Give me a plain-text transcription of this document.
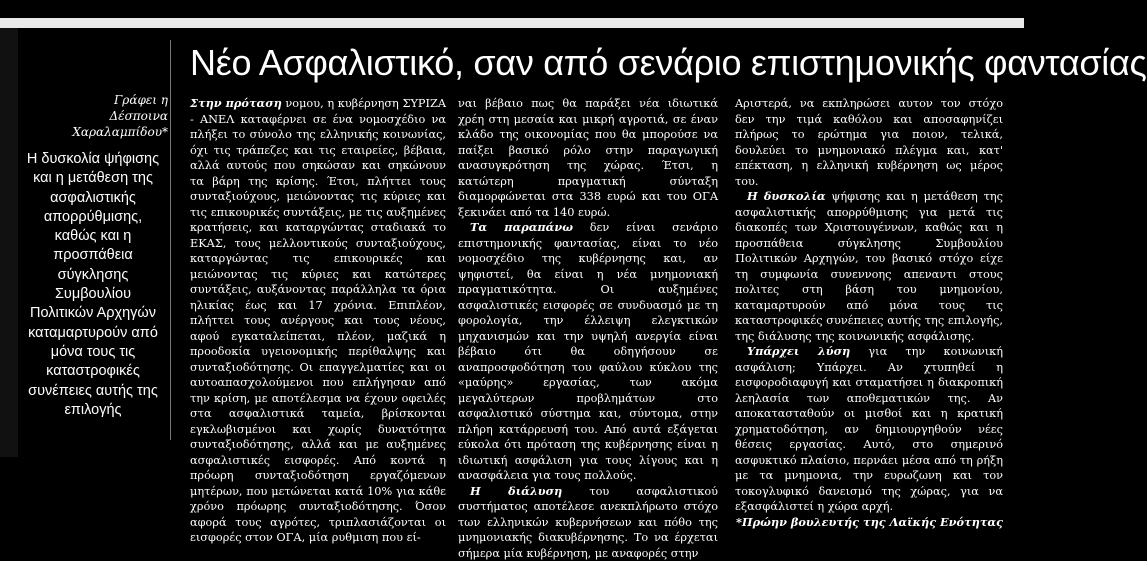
Νέο Ασφαλιστικό, σαν από σενάριο επιστημονικής φαντασίας
Γράφει η Δέσποινα Χαραλαμπίδου*
Η δυσκολία ψήφισης και η μετάθεση της ασφαλιστικής απορρύθμισης, καθώς και η προσπάθεια σύγκλησης Συμβουλίου Πολιτικών Αρχηγών καταμαρτυρούν από μόνα τους τις καταστροφικές συνέπειες αυτής της επιλογής

Στην πρόταση νομου, η κυβέρνηση ΣΥΡΙΖΑ - ΑΝΕΛ καταφέρνει σε ένα νομοσχέδιο να πλήξει το σύνολο της ελληνικής κοινωνίας, όχι τις τράπεζες και τις εταιρείες, βέβαια, αλλά αυτούς που σηκώσαν και σηκώνουν τα βάρη της κρίσης. Έτσι, πλήττει τους συνταξιούχους, μειώνοντας τις κύριες και τις επικουρικές συντάξεις, με τις αυξημένες κρατήσεις, και καταργώντας σταδιακά το ΕΚΑΣ, τους μελλοντικούς συνταξιούχους, καταργώντας τις επικουρικές και μειώνοντας τις κύριες και κατώτερες συντάξεις, αυξάνοντας παράλληλα τα όρια ηλικίας έως και 17 χρόνια. Επιπλέον, πλήττει τους ανέργους και τους νέους, αφού εγκαταλείπεται, πλέον, μαζικά η προοδοκία υγειονομικής περίθαλψης και συνταξιοδότησης. Οι επαγγελματίες και οι αυτοαπασχολούμενοι που επλήγησαν από την κρίση, με αποτέλεσμα να έχουν οφειλές στα ασφαλιστικά ταμεία, βρίσκονται εγκλωβισμένοι και χωρίς δυνατότητα συνταξιοδότησης, αλλά και με αυξημένες ασφαλιστικές εισφορές. Από κοντά η πρόωρη συνταξιοδότηση εργαζόμενων μητέρων, που μετώνεται κατά 10% για κάθε χρόνο πρόωρης συνταξιοδότησης. Όσον αφορά τους αγρότες, τριπλασιάζονται οι εισφορές στον ΟΓΑ, μία ρυθμιση που εί-

ναι βέβαιο πως θα παράξει νέα ιδιωτικά χρέη στη μεσαία και μικρή αγροτιά, σε έναν κλάδο της οικονομίας που θα μπορούσε να παίξει βασικό ρόλο στην παραγωγική ανασυγκρότηση της χώρας. Έτσι, η κατώτερη πραγματική σύνταξη διαμορφώνεται στα 338 ευρώ και του ΟΓΑ ξεκινάει από τα 140 ευρώ.

Τα παραπάνω δεν είναι σενάριο επιστημονικής φαντασίας, είναι το νέο νομοσχέδιο της κυβέρνησης και, αν ψηφιστεί, θα είναι η νέα μνημονιακή πραγματικότητα. Οι αυξημένες ασφαλιστικές εισφορές σε συνδυασμό με τη φορολογία, την έλλειψη ελεγκτικών μηχανισμών και την υψηλή ανεργία είναι βέβαιο ότι θα οδηγήσουν σε αναπροσφοδότηση του φαύλου κύκλου της «μαύρης» εργασίας, των ακόμα μεγαλύτερων προβλημάτων στο ασφαλιστικό σύστημα και, σύντομα, στην πλήρη κατάρρευσή του. Από αυτά εξάγεται εύκολα ότι πρόταση της κυβέρνησης είναι η ιδιωτική ασφάλιση για τους λίγους και η ανασφάλεια για τους πολλούς.

Η διάλυση του ασφαλιστικού συστήματος αποτέλεσε ανεκπλήρωτο στόχο των ελληνικών κυβερνήσεων και πόθο της μνημονιακής διακυβέρνησης. Το να έρχεται σήμερα μία κυβέρνηση, με αναφορές στην

Αριστερά, να εκπληρώσει αυτον τον στόχο δεν την τιμά καθόλου και αποσαφηνίζει πλήρως το ερώτημα για ποιον, τελικά, δουλεύει το μνημονιακό πλέγμα και, κατ' επέκταση, η ελληνική κυβέρνηση ως μέρος του.

Η δυσκολία ψήφισης και η μετάθεση της ασφαλιστικής απορρύθμισης για μετά τις διακοπές των Χριστουγέννων, καθώς και η προσπάθεια σύγκλησης Συμβουλίου Πολιτικών Αρχηγών, του βασικό στόχο είχε τη συμφωνία συνεννοης απεναντι στους πολιτες στη βάση του μνημονίου, καταμαρτυρούν από μόνα τους τις καταστροφικές συνέπειες αυτής της επιλογής, της διάλυσης της κοινωνικής ασφάλισης.

Υπάρχει λύση για την κοινωνική ασφάλιση; Υπάρχει. Αν χτυπηθεί η εισφοροδιαφυγή και σταματήσει η διακροπική λεηλασία των αποθεματικών της. Αν αποκατασταθούν οι μισθοί και η κρατική χρηματοδότηση, αν δημιουργηθούν νέες θέσεις εργασίας. Αυτό, στο σημερινό ασφυκτικό πλαίσιο, περνάει μέσα από τη ρήξη με τα μνημονια, την ευρωζωνη και τον τοκογλυφικό δανεισμό της χώρας, για να εξασφάλιστεί η χώρα αρχή.

*Πρώην βουλευτής της Λαϊκής Ενότητας
